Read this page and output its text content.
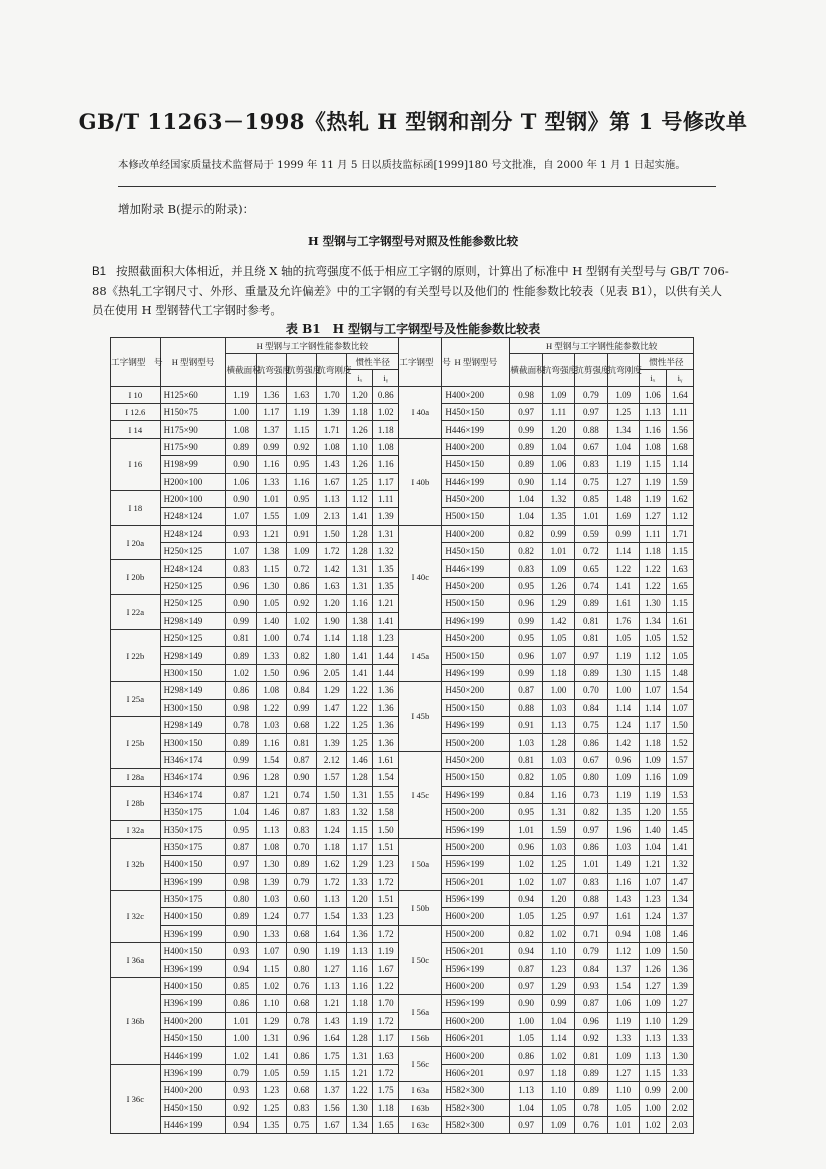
GB/T 11263－1998《热轧 H 型钢和剖分 T 型钢》第 1 号修改单
本修改单经国家质量技术监督局于 1999 年 11 月 5 日以质技监标函[1999]180 号文批准，自 2000 年 1 月 1 日起实施。
增加附录 B(提示的附录)：
H 型钢与工字钢型号对照及性能参数比较
B1 按照截面积大体相近，并且绕 X 轴的抗弯强度不低于相应工字钢的原则，计算出了标准中 H 型钢有关型号与 GB/T 706-88《热轧工字钢尺寸、外形、重量及允许偏差》中的工字钢的有关型号以及他们的 性能参数比较表（见表 B1），以供有关人员在使用 H 型钢替代工字钢时参考。
表 B1　H 型钢与工字钢型号及性能参数比较表
工字钢型　号	H 型钢型号	H 型钢与工字钢性能参数比较						工字钢型　号	H 型钢型号	H 型钢与工字钢性能参数比较					
		横截面积	抗弯强度	抗剪强度	抗弯刚度	惯性半径				横截面积	抗弯强度	抗剪强度	抗弯刚度	惯性半径	
						iₓ	iᵧ							iₓ	iᵧ
I 10	H125×60	1.19	1.36	1.63	1.70	1.20	0.86	I 40a	H400×200	0.98	1.09	0.79	1.09	1.06	1.64
I 12.6	H150×75	1.00	1.17	1.19	1.39	1.18	1.02		H450×150	0.97	1.11	0.97	1.25	1.13	1.11
I 14	H175×90	1.08	1.37	1.15	1.71	1.26	1.18		H446×199	0.99	1.20	0.88	1.34	1.16	1.56
I 16	H175×90	0.89	0.99	0.92	1.08	1.10	1.08	I 40b	H400×200	0.89	1.04	0.67	1.04	1.08	1.68
	H198×99	0.90	1.16	0.95	1.43	1.26	1.16		H450×150	0.89	1.06	0.83	1.19	1.15	1.14
	H200×100	1.06	1.33	1.16	1.67	1.25	1.17		H446×199	0.90	1.14	0.75	1.27	1.19	1.59
I 18	H200×100	0.90	1.01	0.95	1.13	1.12	1.11		H450×200	1.04	1.32	0.85	1.48	1.19	1.62
	H248×124	1.07	1.55	1.09	2.13	1.41	1.39		H500×150	1.04	1.35	1.01	1.69	1.27	1.12
I 20a	H248×124	0.93	1.21	0.91	1.50	1.28	1.31	I 40c	H400×200	0.82	0.99	0.59	0.99	1.11	1.71
	H250×125	1.07	1.38	1.09	1.72	1.28	1.32		H450×150	0.82	1.01	0.72	1.14	1.18	1.15
I 20b	H248×124	0.83	1.15	0.72	1.42	1.31	1.35		H446×199	0.83	1.09	0.65	1.22	1.22	1.63
	H250×125	0.96	1.30	0.86	1.63	1.31	1.35		H450×200	0.95	1.26	0.74	1.41	1.22	1.65
I 22a	H250×125	0.90	1.05	0.92	1.20	1.16	1.21		H500×150	0.96	1.29	0.89	1.61	1.30	1.15
	H298×149	0.99	1.40	1.02	1.90	1.38	1.41		H496×199	0.99	1.42	0.81	1.76	1.34	1.61
I 22b	H250×125	0.81	1.00	0.74	1.14	1.18	1.23	I 45a	H450×200	0.95	1.05	0.81	1.05	1.05	1.52
	H298×149	0.89	1.33	0.82	1.80	1.41	1.44		H500×150	0.96	1.07	0.97	1.19	1.12	1.05
	H300×150	1.02	1.50	0.96	2.05	1.41	1.44		H496×199	0.99	1.18	0.89	1.30	1.15	1.48
I 25a	H298×149	0.86	1.08	0.84	1.29	1.22	1.36	I 45b	H450×200	0.87	1.00	0.70	1.00	1.07	1.54
	H300×150	0.98	1.22	0.99	1.47	1.22	1.36		H500×150	0.88	1.03	0.84	1.14	1.14	1.07
I 25b	H298×149	0.78	1.03	0.68	1.22	1.25	1.36		H496×199	0.91	1.13	0.75	1.24	1.17	1.50
	H300×150	0.89	1.16	0.81	1.39	1.25	1.36		H500×200	1.03	1.28	0.86	1.42	1.18	1.52
	H346×174	0.99	1.54	0.87	2.12	1.46	1.61	I 45c	H450×200	0.81	1.03	0.67	0.96	1.09	1.57
I 28a	H346×174	0.96	1.28	0.90	1.57	1.28	1.54		H500×150	0.82	1.05	0.80	1.09	1.16	1.09
I 28b	H346×174	0.87	1.21	0.74	1.50	1.31	1.55		H496×199	0.84	1.16	0.73	1.19	1.19	1.53
	H350×175	1.04	1.46	0.87	1.83	1.32	1.58		H500×200	0.95	1.31	0.82	1.35	1.20	1.55
I 32a	H350×175	0.95	1.13	0.83	1.24	1.15	1.50		H596×199	1.01	1.59	0.97	1.96	1.40	1.45
I 32b	H350×175	0.87	1.08	0.70	1.18	1.17	1.51	I 50a	H500×200	0.96	1.03	0.86	1.03	1.04	1.41
	H400×150	0.97	1.30	0.89	1.62	1.29	1.23		H596×199	1.02	1.25	1.01	1.49	1.21	1.32
	H396×199	0.98	1.39	0.79	1.72	1.33	1.72		H506×201	1.02	1.07	0.83	1.16	1.07	1.47
I 32c	H350×175	0.80	1.03	0.60	1.13	1.20	1.51	I 50b	H596×199	0.94	1.20	0.88	1.43	1.23	1.34
	H400×150	0.89	1.24	0.77	1.54	1.33	1.23		H600×200	1.05	1.25	0.97	1.61	1.24	1.37
	H396×199	0.90	1.33	0.68	1.64	1.36	1.72	I 50c	H500×200	0.82	1.02	0.71	0.94	1.08	1.46
I 36a	H400×150	0.93	1.07	0.90	1.19	1.13	1.19		H506×201	0.94	1.10	0.79	1.12	1.09	1.50
	H396×199	0.94	1.15	0.80	1.27	1.16	1.67		H596×199	0.87	1.23	0.84	1.37	1.26	1.36
I 36b	H400×150	0.85	1.02	0.76	1.13	1.16	1.22		H600×200	0.97	1.29	0.93	1.54	1.27	1.39
	H396×199	0.86	1.10	0.68	1.21	1.18	1.70	I 56a	H596×199	0.90	0.99	0.87	1.06	1.09	1.27
	H400×200	1.01	1.29	0.78	1.43	1.19	1.72		H600×200	1.00	1.04	0.96	1.19	1.10	1.29
	H450×150	1.00	1.31	0.96	1.64	1.28	1.17	I 56b	H606×201	1.05	1.14	0.92	1.33	1.13	1.33
	H446×199	1.02	1.41	0.86	1.75	1.31	1.63	I 56c	H600×200	0.86	1.02	0.81	1.09	1.13	1.30
I 36c	H396×199	0.79	1.05	0.59	1.15	1.21	1.72		H606×201	0.97	1.18	0.89	1.27	1.15	1.33
	H400×200	0.93	1.23	0.68	1.37	1.22	1.75	I 63a	H582×300	1.13	1.10	0.89	1.10	0.99	2.00
	H450×150	0.92	1.25	0.83	1.56	1.30	1.18	I 63b	H582×300	1.04	1.05	0.78	1.05	1.00	2.02
	H446×199	0.94	1.35	0.75	1.67	1.34	1.65	I 63c	H582×300	0.97	1.09	0.76	1.01	1.02	2.03
